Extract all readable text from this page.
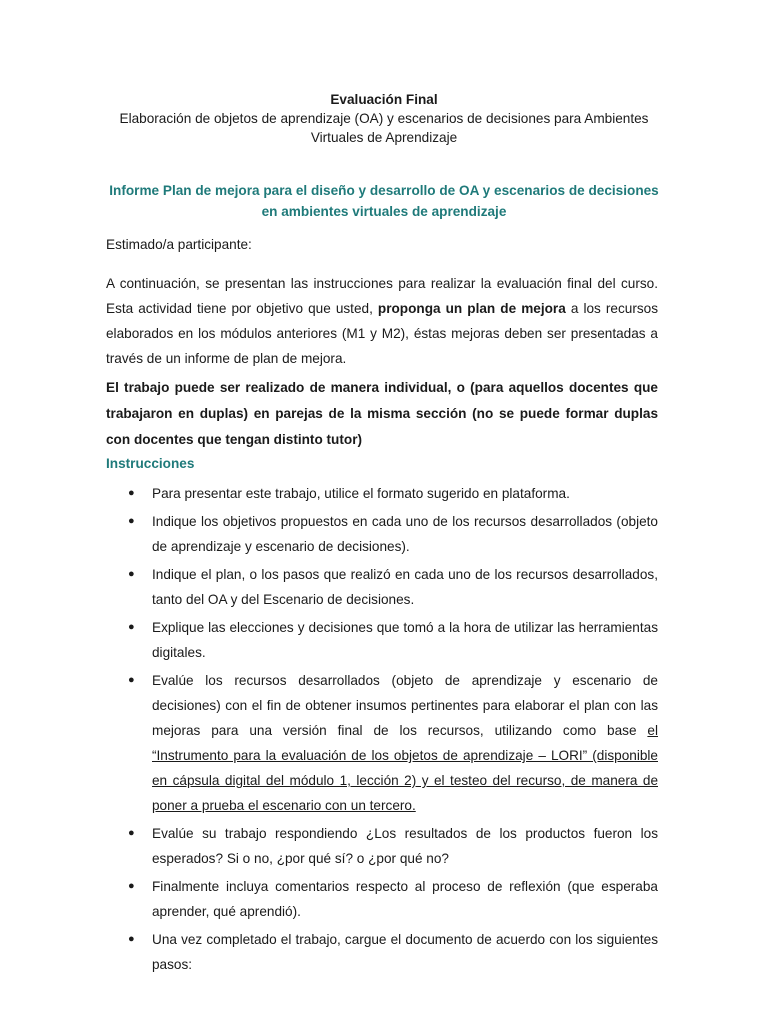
Evaluación Final
Elaboración de objetos de aprendizaje (OA) y escenarios de decisiones para Ambientes Virtuales de Aprendizaje
Informe Plan de mejora para el diseño y desarrollo de OA y escenarios de decisiones en ambientes virtuales de aprendizaje
Estimado/a participante:
A continuación, se presentan las instrucciones para realizar la evaluación final del curso. Esta actividad tiene por objetivo que usted, proponga un plan de mejora a los recursos elaborados en los módulos anteriores (M1 y M2), éstas mejoras deben ser presentadas a través de un informe de plan de mejora.
El trabajo puede ser realizado de manera individual, o (para aquellos docentes que trabajaron en duplas) en parejas de la misma sección (no se puede formar duplas con docentes que tengan distinto tutor)
Instrucciones
● Para presentar este trabajo, utilice el formato sugerido en plataforma.
● Indique los objetivos propuestos en cada uno de los recursos desarrollados (objeto de aprendizaje y escenario de decisiones).
● Indique el plan, o los pasos que realizó en cada uno de los recursos desarrollados, tanto del OA y del Escenario de decisiones.
● Explique las elecciones y decisiones que tomó a la hora de utilizar las herramientas digitales.
● Evalúe los recursos desarrollados (objeto de aprendizaje y escenario de decisiones) con el fin de obtener insumos pertinentes para elaborar el plan con las mejoras para una versión final de los recursos, utilizando como base el “Instrumento para la evaluación de los objetos de aprendizaje – LORI” (disponible en cápsula digital del módulo 1, lección 2) y el testeo del recurso, de manera de poner a prueba el escenario con un tercero.
● Evalúe su trabajo respondiendo ¿Los resultados de los productos fueron los esperados? Si o no, ¿por qué sí? o ¿por qué no?
● Finalmente incluya comentarios respecto al proceso de reflexión (que esperaba aprender, qué aprendió).
● Una vez completado el trabajo, cargue el documento de acuerdo con los siguientes pasos:
